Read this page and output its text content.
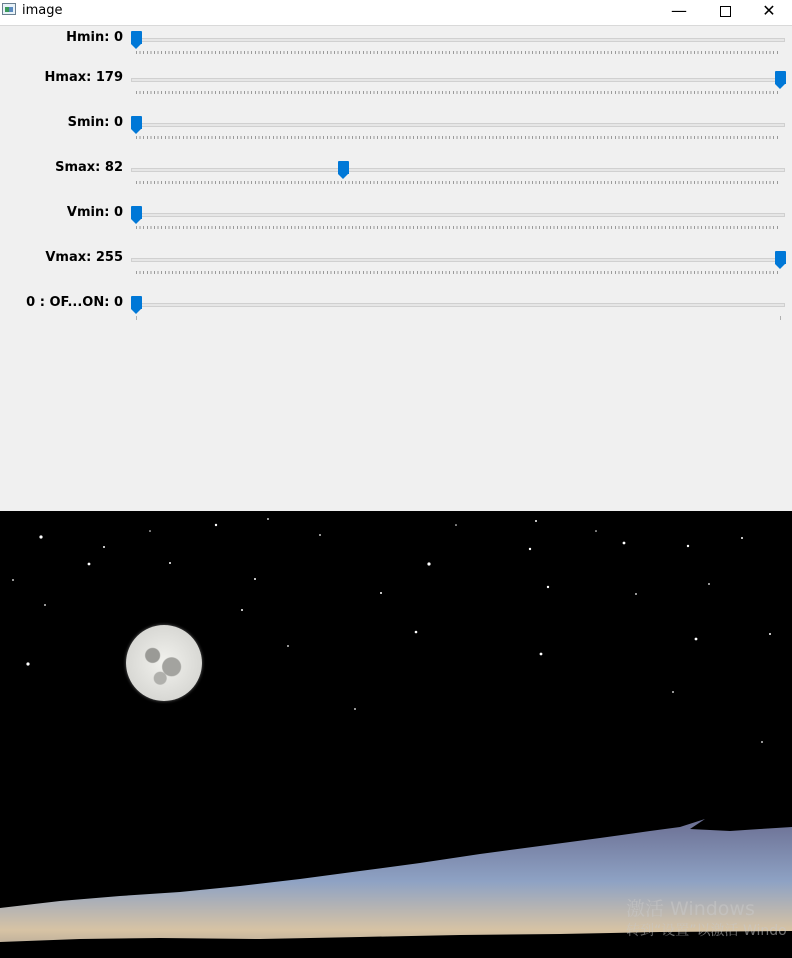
image	—	✕
Hmin: 0
Hmax: 179
Smin: 0
Smax: 82
Vmin: 0
Vmax: 255
0 : OF...ON: 0
激活 Windows
转到“设置”以激活 Windo
